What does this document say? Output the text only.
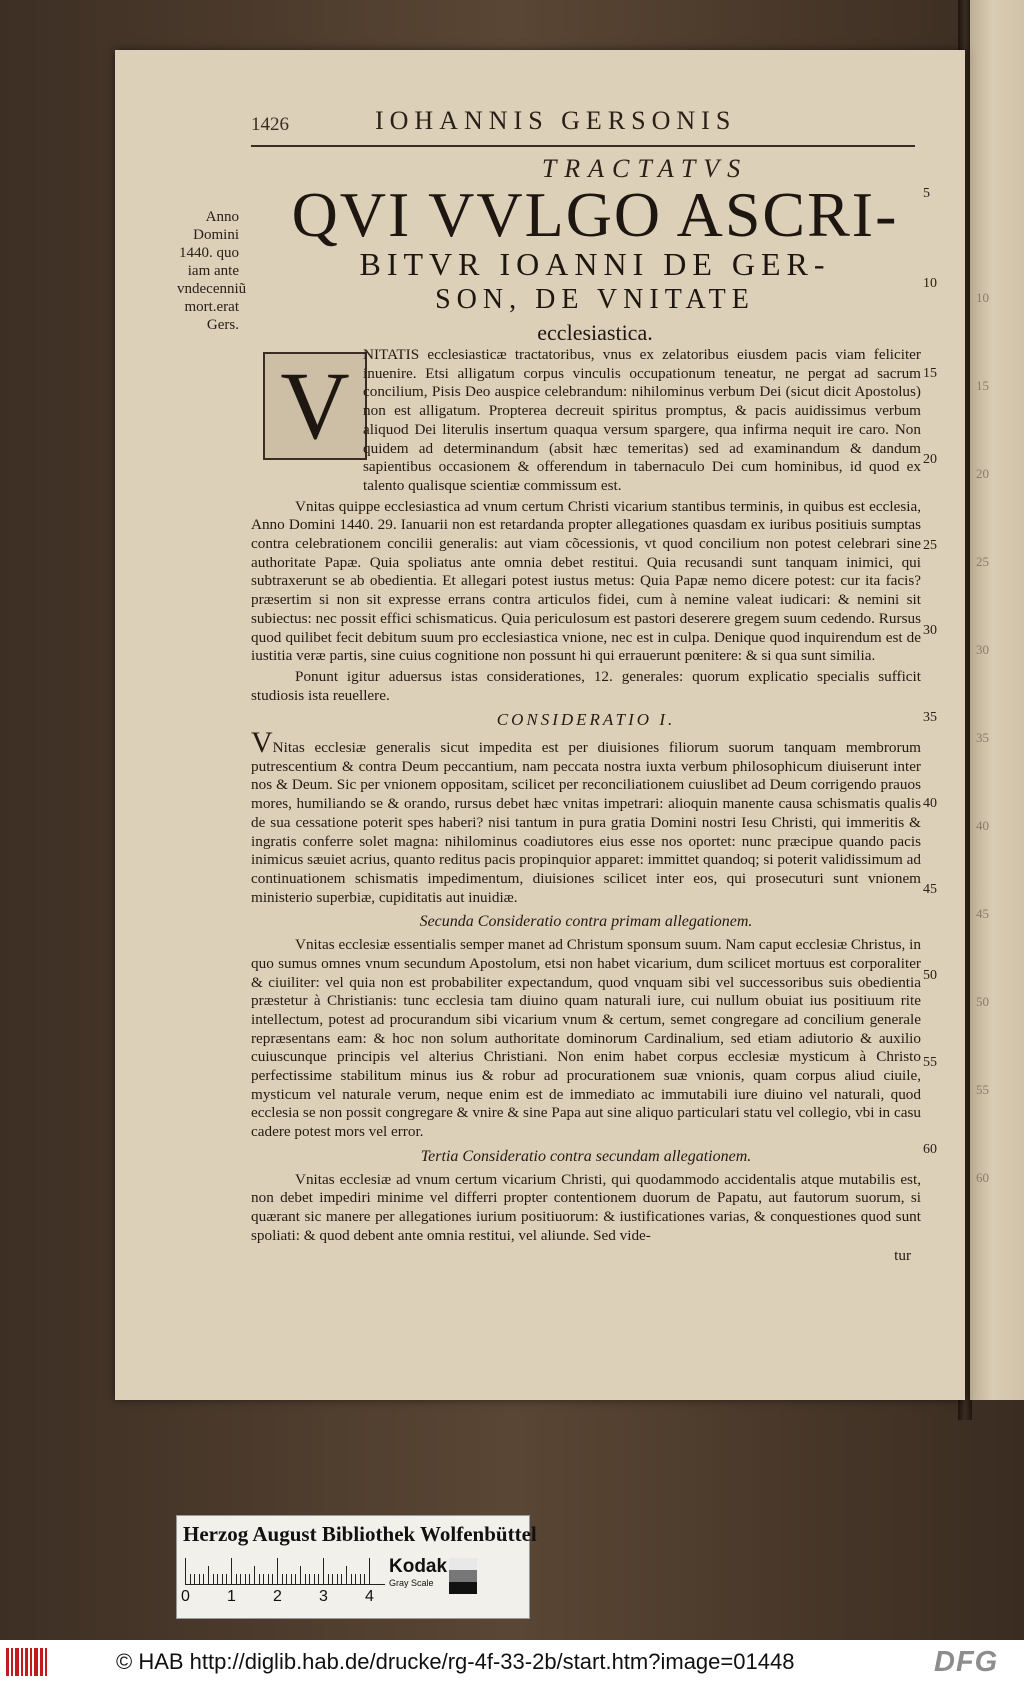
10
15
20
25
30
35
40
45
50
55
60
1426	IOHANNIS GERSONIS
Anno Domini 1440. quo iam ante vndecenniũ mort.erat Gers.
TRACTATVS
QVI VVLGO ASCRI-
BITVR IOANNI DE GER-
SON, DE VNITATE
ecclesiastica.
5
10
15
20
25
30
35
40
45
50
55
60
V NITATIS ecclesiasticæ tractatoribus, vnus ex zelatoribus eiusdem pacis viam feliciter inuenire. Etsi alligatum corpus vinculis occupationum teneatur, ne pergat ad sacrum concilium, Pisis Deo auspice celebrandum: nihilominus verbum Dei (sicut dicit Apostolus) non est alligatum. Propterea decreuit spiritus promptus, & pacis auidissimus verbum aliquod Dei literulis insertum quaqua versum spargere, qua infirma nequit ire caro. Non quidem ad determinandum (absit hæc temeritas) sed ad examinandum & dandum sapientibus occasionem & offerendum in tabernaculo Dei cum hominibus, id quod ex talento qualisque scientiæ commissum est.

Vnitas quippe ecclesiastica ad vnum certum Christi vicarium stantibus terminis, in quibus est ecclesia, Anno Domini 1440. 29. Ianuarii non est retardanda propter allegationes quasdam ex iuribus positiuis sumptas contra celebrationem concilii generalis: aut viam cõcessionis, vt quod concilium non potest celebrari sine authoritate Papæ. Quia spoliatus ante omnia debet restitui. Quia recusandi sunt tanquam inimici, qui subtraxerunt se ab obedientia. Et allegari potest iustus metus: Quia Papæ nemo dicere potest: cur ita facis? præsertim si non sit expresse errans contra articulos fidei, cum à nemine valeat iudicari: & nemini sit subiectus: nec possit effici schismaticus. Quia periculosum est pastori deserere gregem suum cedendo. Rursus quod quilibet fecit debitum suum pro ecclesiastica vnione, nec est in culpa. Denique quod inquirendum est de iustitia veræ partis, sine cuius cognitione non possunt hi qui errauerunt pœnitere: & si qua sunt similia.

Ponunt igitur aduersus istas considerationes, 12. generales: quorum explicatio specialis sufficit studiosis ista reuellere.

CONSIDERATIO I.

VNitas ecclesiæ generalis sicut impedita est per diuisiones filiorum suorum tanquam membrorum putrescentium & contra Deum peccantium, nam peccata nostra iuxta verbum philosophicum diuiserunt inter nos & Deum. Sic per vnionem oppositam, scilicet per reconciliationem cuiuslibet ad Deum corrigendo prauos mores, humiliando se & orando, rursus debet hæc vnitas impetrari: alioquin manente causa schismatis qualis de sua cessatione poterit spes haberi? nisi tantum in pura gratia Domini nostri Iesu Christi, qui immeritis & ingratis conferre solet magna: nihilominus coadiutores eius esse nos oportet: nunc præcipue quando pacis inimicus sæuiet acrius, quanto reditus pacis propinquior apparet: immittet quandoq; si poterit validissimum ad continuationem schismatis impedimentum, diuisiones scilicet inter eos, qui prosecuturi sunt vnionem ministerio superbiæ, cupiditatis aut inuidiæ.

Secunda Consideratio contra primam allegationem.

Vnitas ecclesiæ essentialis semper manet ad Christum sponsum suum. Nam caput ecclesiæ Christus, in quo sumus omnes vnum secundum Apostolum, etsi non habet vicarium, dum scilicet mortuus est corporaliter & ciuiliter: vel quia non est probabiliter expectandum, quod vnquam sibi vel successoribus suis obedientia præstetur à Christianis: tunc ecclesia tam diuino quam naturali iure, cui nullum obuiat ius positiuum rite intellectum, potest ad procurandum sibi vicarium vnum & certum, semet congregare ad concilium generale repræsentans eam: & hoc non solum authoritate dominorum Cardinalium, sed etiam adiutorio & auxilio cuiuscunque principis vel alterius Christiani. Non enim habet corpus ecclesiæ mysticum à Christo perfectissime stabilitum minus ius & robur ad procurationem suæ vnionis, quam corpus aliud ciuile, mysticum vel naturale verum, neque enim est de immediato ac immutabili iure diuino vel naturali, quod ecclesia se non possit congregare & vnire & sine Papa aut sine aliquo particulari statu vel collegio, vbi in casu cadere potest mors vel error.

Tertia Consideratio contra secundam allegationem.

Vnitas ecclesiæ ad vnum certum vicarium Christi, qui quodammodo accidentalis atque mutabilis est, non debet impediri minime vel differri propter contentionem duorum de Papatu, aut fautorum suorum, si quærant sic manere per allegationes iurium positiuorum: & iustificationes varias, & conquestiones quod sunt spoliati: & quod debent ante omnia restitui, vel aliunde. Sed vide-

tur
Herzog August Bibliothek Wolfenbüttel
0 1 2 3 4
Kodak
Gray Scale
© HAB http://diglib.hab.de/drucke/rg-4f-33-2b/start.htm?image=01448	DFG
